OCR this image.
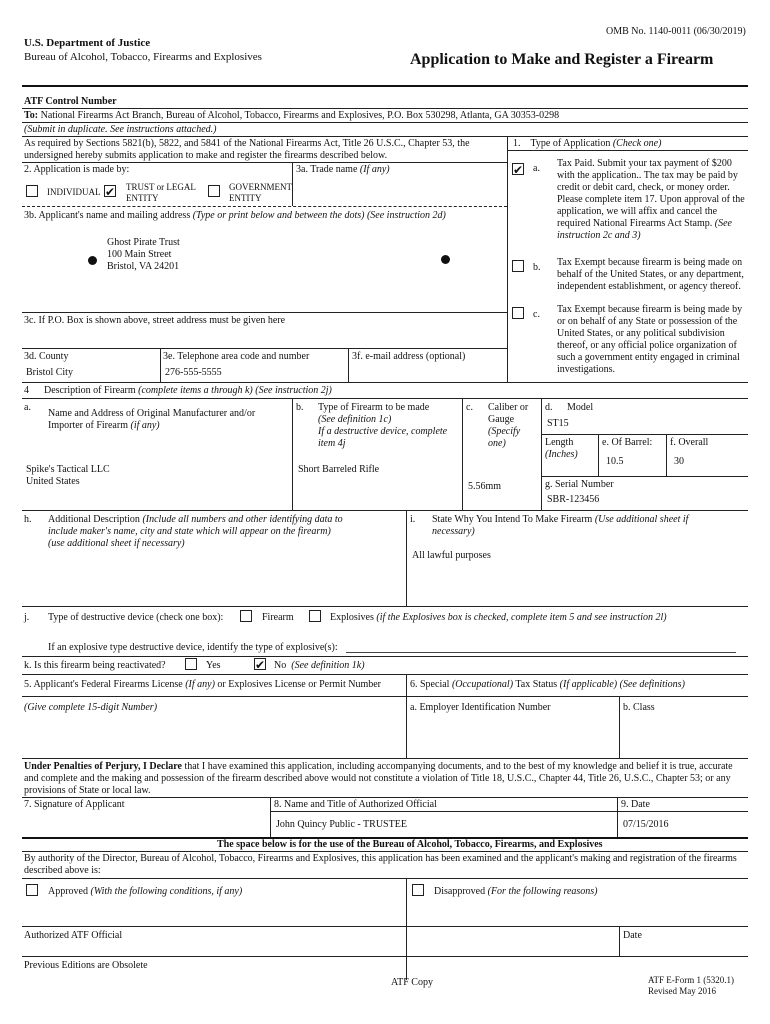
OMB No. 1140-0011 (06/30/2019)
U.S. Department of Justice
Bureau of Alcohol, Tobacco, Firearms and Explosives	Application to Make and Register a Firearm
ATF Control Number
To: National Firearms Act Branch, Bureau of Alcohol, Tobacco, Firearms and Explosives, P.O. Box 530298, Atlanta, GA 30353-0298
(Submit in duplicate. See instructions attached.)
As required by Sections 5821(b), 5822, and 5841 of the National Firearms Act, Title 26 U.S.C., Chapter 53, the
undersigned hereby submits application to make and register the firearms described below.
1. Type of Application (Check one)
✔ a. Tax Paid. Submit your tax payment of $200 with the application.. The tax may be paid by credit or debit card, check, or money order. Please complete item 17. Upon approval of the application, we will affix and cancel the required National Firearms Act Stamp. (See instruction 2c and 3)
b. Tax Exempt because firearm is being made on behalf of the United States, or any department, independent establishment, or agency thereof.
c. Tax Exempt because firearm is being made by or on behalf of any State or possession of the United States, or any political subdivision thereof, or any official police organization of such a government entity engaged in criminal investigations.
2. Application is made by:	3a. Trade name (If any)
INDIVIDUAL ✔ TRUST or LEGAL
ENTITY
GOVERNMENT
ENTITY
3b. Applicant's name and mailing address (Type or print below and between the dots) (See instruction 2d)
Ghost Pirate Trust
100 Main Street
Bristol, VA 24201
3c. If P.O. Box is shown above, street address must be given here
3d. County
Bristol City
3e. Telephone area code and number
276-555-5555
3f. e-mail address (optional)
4 Description of Firearm (complete items a through k) (See instruction 2j)
a.
Name and Address of Original Manufacturer and/or
Importer of Firearm (if any)
Spike's Tactical LLC
United States
b. Type of Firearm to be made
(See definition 1c)
If a destructive device, complete
item 4j
Short Barreled Rifle
c. Caliber or
Gauge
(Specify
one)
5.56mm
d. Model
ST15
Length
(Inches)
e. Of Barrel:
10.5
f. Overall
30
g. Serial Number
SBR-123456
h. Additional Description (Include all numbers and other identifying data to
include maker's name, city and state which will appear on the firearm)
(use additional sheet if necessary)
i. State Why You Intend To Make Firearm (Use additional sheet if
necessary)
All lawful purposes
j. Type of destructive device (check one box):	Firearm	Explosives (if the Explosives box is checked, complete item 5 and see instruction 2l)
If an explosive type destructive device, identify the type of explosive(s):
k. Is this firearm being reactivated?	Yes	✔ No (See definition 1k)
5. Applicant's Federal Firearms License (If any) or Explosives License or Permit Number	6. Special (Occupational) Tax Status (If applicable) (See definitions)
(Give complete 15-digit Number)	a. Employer Identification Number	b. Class
Under Penalties of Perjury, I Declare that I have examined this application, including accompanying documents, and to the best of my knowledge and belief it is true, accurate
and complete and the making and possession of the firearm described above would not constitute a violation of Title 18, U.S.C., Chapter 44, Title 26, U.S.C., Chapter 53; or any
provisions of State or local law.
7. Signature of Applicant	8. Name and Title of Authorized Official
John Quincy Public - TRUSTEE
9. Date
07/15/2016
The space below is for the use of the Bureau of Alcohol, Tobacco, Firearms, and Explosives
By authority of the Director, Bureau of Alcohol, Tobacco, Firearms and Explosives, this application has been examined and the applicant's making and registration of the firearms
described above is:
Approved (With the following conditions, if any)	Disapproved (For the following reasons)
Authorized ATF Official	Date
Previous Editions are Obsolete
ATF Copy	ATF E-Form 1 (5320.1)
Revised May 2016
